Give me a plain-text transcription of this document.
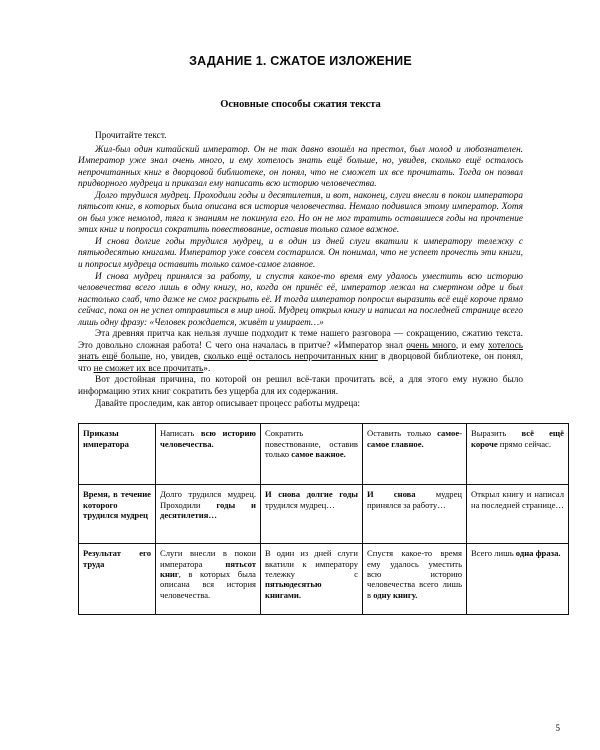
ЗАДАНИЕ 1. СЖАТОЕ ИЗЛОЖЕНИЕ
Основные способы сжатия текста

Прочитайте текст.

Жил-был один китайский император. Он не так давно взошёл на престол, был молод и любознателен. Император уже знал очень много, и ему хотелось знать ещё больше, но, увидев, сколько ещё осталось непрочитанных книг в дворцовой библиотеке, он понял, что не сможет их все прочитать. Тогда он позвал придворного мудреца и приказал ему написать всю историю человечества.

Долго трудился мудрец. Проходили годы и десятилетия, и вот, наконец, слуги внесли в покои императора пятьсот книг, в которых была описана вся история человечества. Немало подивился этому император. Хотя он был уже немолод, тяга к знаниям не покинула его. Но он не мог тратить оставшиеся годы на прочтение этих книг и попросил сократить повествование, оставив только самое важное.

И снова долгие годы трудился мудрец, и в один из дней слуги вкатили к императору тележку с пятьюдесятью книгами. Император уже совсем состарился. Он понимал, что не успеет прочесть эти книги, и попросил мудреца оставить только самое-самое главное.

И снова мудрец принялся за работу, и спустя какое-то время ему удалось уместить всю историю человечества всего лишь в одну книгу, но, когда он принёс её, император лежал на смертном одре и был настолько слаб, что даже не смог раскрыть её. И тогда император попросил выразить всё ещё короче прямо сейчас, пока он не успел отправиться в мир иной. Мудрец открыл книгу и написал на последней странице всего лишь одну фразу: «Человек рождается, живёт и умирает…»

Эта древняя притча как нельзя лучше подходит к теме нашего разговора — сокращению, сжатию текста. Это довольно сложная работа! С чего она началась в притче? «Император знал очень много, и ему хотелось знать ещё больше, но, увидев, сколько ещё осталось непрочитанных книг в дворцовой библиотеке, он понял, что не сможет их все прочитать».

Вот достойная причина, по которой он решил всё-таки прочитать всё, а для этого ему нужно было информацию этих книг сократить без ущерба для их содержания.

Давайте проследим, как автор описывает процесс работы мудреца:

Приказы императора	Написать всю историю человечества.	Сократить повествование, оставив только самое важное.	Оставить только самое-самое главное.	Выразить всё ещё короче прямо сейчас.
Время, в течение которого трудился мудрец	Долго трудился мудрец. Проходили годы и десятилетия…	И снова долгие годы трудился мудрец…	И снова мудрец принялся за работу…	Открыл книгу и написал на последней странице…
Результат его труда	Слуги внесли в покои императора пятьсот книг, в которых была описана вся история человечества.	В один из дней слуги вкатили к императору тележку с пятьюдесятью книгами.	Спустя какое-то время ему удалось уместить всю историю человечества всего лишь в одну книгу.	Всего лишь одна фраза.
5
